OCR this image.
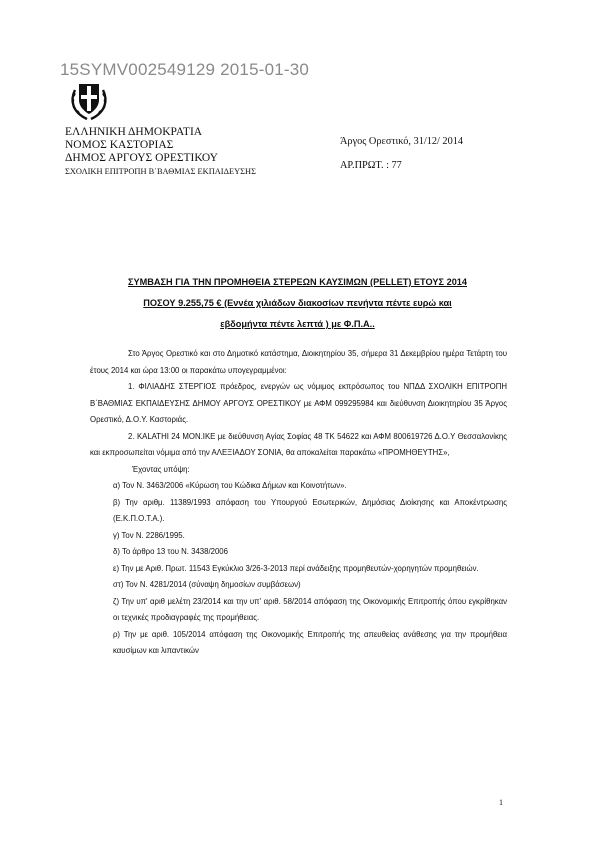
15SYMV002549129 2015-01-30
ΕΛΛΗΝΙΚΗ ΔΗΜΟΚΡΑΤΙΑ
ΝΟΜΟΣ ΚΑΣΤΟΡΙΑΣ
ΔΗΜΟΣ ΑΡΓΟΥΣ ΟΡΕΣΤΙΚΟΥ
ΣΧΟΛΙΚΗ ΕΠΙΤΡΟΠΗ Β΄ΒΑΘΜΙΑΣ ΕΚΠΑΙΔΕΥΣΗΣ
Άργος Ορεστικό, 31/12/ 2014
ΑΡ.ΠΡΩΤ. : 77
ΣΥΜΒΑΣΗ ΓΙΑ ΤΗΝ ΠΡΟΜΗΘΕΙΑ ΣΤΕΡΕΩΝ ΚΑΥΣΙΜΩΝ (PELLET) ΕΤΟΥΣ 2014
ΠΟΣΟΥ 9.255,75 € (Εννέα χιλιάδων διακοσίων πενήντα πέντε ευρώ και
εβδομήντα πέντε λεπτά ) με Φ.Π.Α..

Στο Άργος Ορεστικό και στο Δημοτικό κατάστημα, Διοικητηρίου 35, σήμερα 31 Δεκεμβρίου ημέρα Τετάρτη του έτους 2014 και ώρα 13:00 οι παρακάτω υπογεγραμμένοι:

1. ΦΙΛΙΑΔΗΣ ΣΤΕΡΓΙΟΣ πρόεδρος, ενεργών ως νόμιμος εκπρόσωπος του ΝΠΔΔ ΣΧΟΛΙΚΗ ΕΠΙΤΡΟΠΗ Β΄ΒΑΘΜΙΑΣ ΕΚΠΑΙΔΕΥΣΗΣ ΔΗΜΟΥ ΑΡΓΟΥΣ ΟΡΕΣΤΙΚΟΥ με ΑΦΜ 099295984 και διεύθυνση Διοικητηρίου 35 Άργος Ορεστικό, Δ.Ο.Υ. Καστοριάς.

2. KALATHI 24 MON.IKE με διεύθυνση Αγίας Σοφίας 48 ΤΚ 54622 και ΑΦΜ 800619726 Δ.Ο.Υ Θεσσαλονίκης και εκπροσωπείται νόμιμα από την ΑΛΕΞΙΑΔΟΥ ΣΟΝΙΑ, θα αποκαλείται παρακάτω «ΠΡΟΜΗΘΕΥΤΗΣ»,

Έχοντας υπόψη:

α) Τον Ν. 3463/2006 «Κύρωση του Κώδικα Δήμων και Κοινοτήτων».

β) Την αριθμ. 11389/1993 απόφαση του Υπουργού Εσωτερικών, Δημόσιας Διοίκησης και Αποκέντρωσης (Ε.Κ.Π.Ο.Τ.Α.).

γ) Τον Ν. 2286/1995.

δ) Το άρθρο 13 του Ν. 3438/2006

ε) Την με Αριθ. Πρωτ. 11543 Εγκύκλιο 3/26-3-2013 περί ανάδειξης προμηθευτών-χορηγητών προμηθειών.

στ) Τον Ν. 4281/2014 (σύναψη δημοσίων συμβάσεων)

ζ) Την υπ' αριθ μελέτη 23/2014 και την υπ' αριθ. 58/2014 απόφαση της Οικονομικής Επιτροπής όπου εγκρίθηκαν οι τεχνικές προδιαγραφές της προμήθειας.

ρ) Την με αριθ. 105/2014 απόφαση της Οικονομικής Επιτροπής της απευθείας ανάθεσης για την προμήθεια καυσίμων και λιπαντικών

1
